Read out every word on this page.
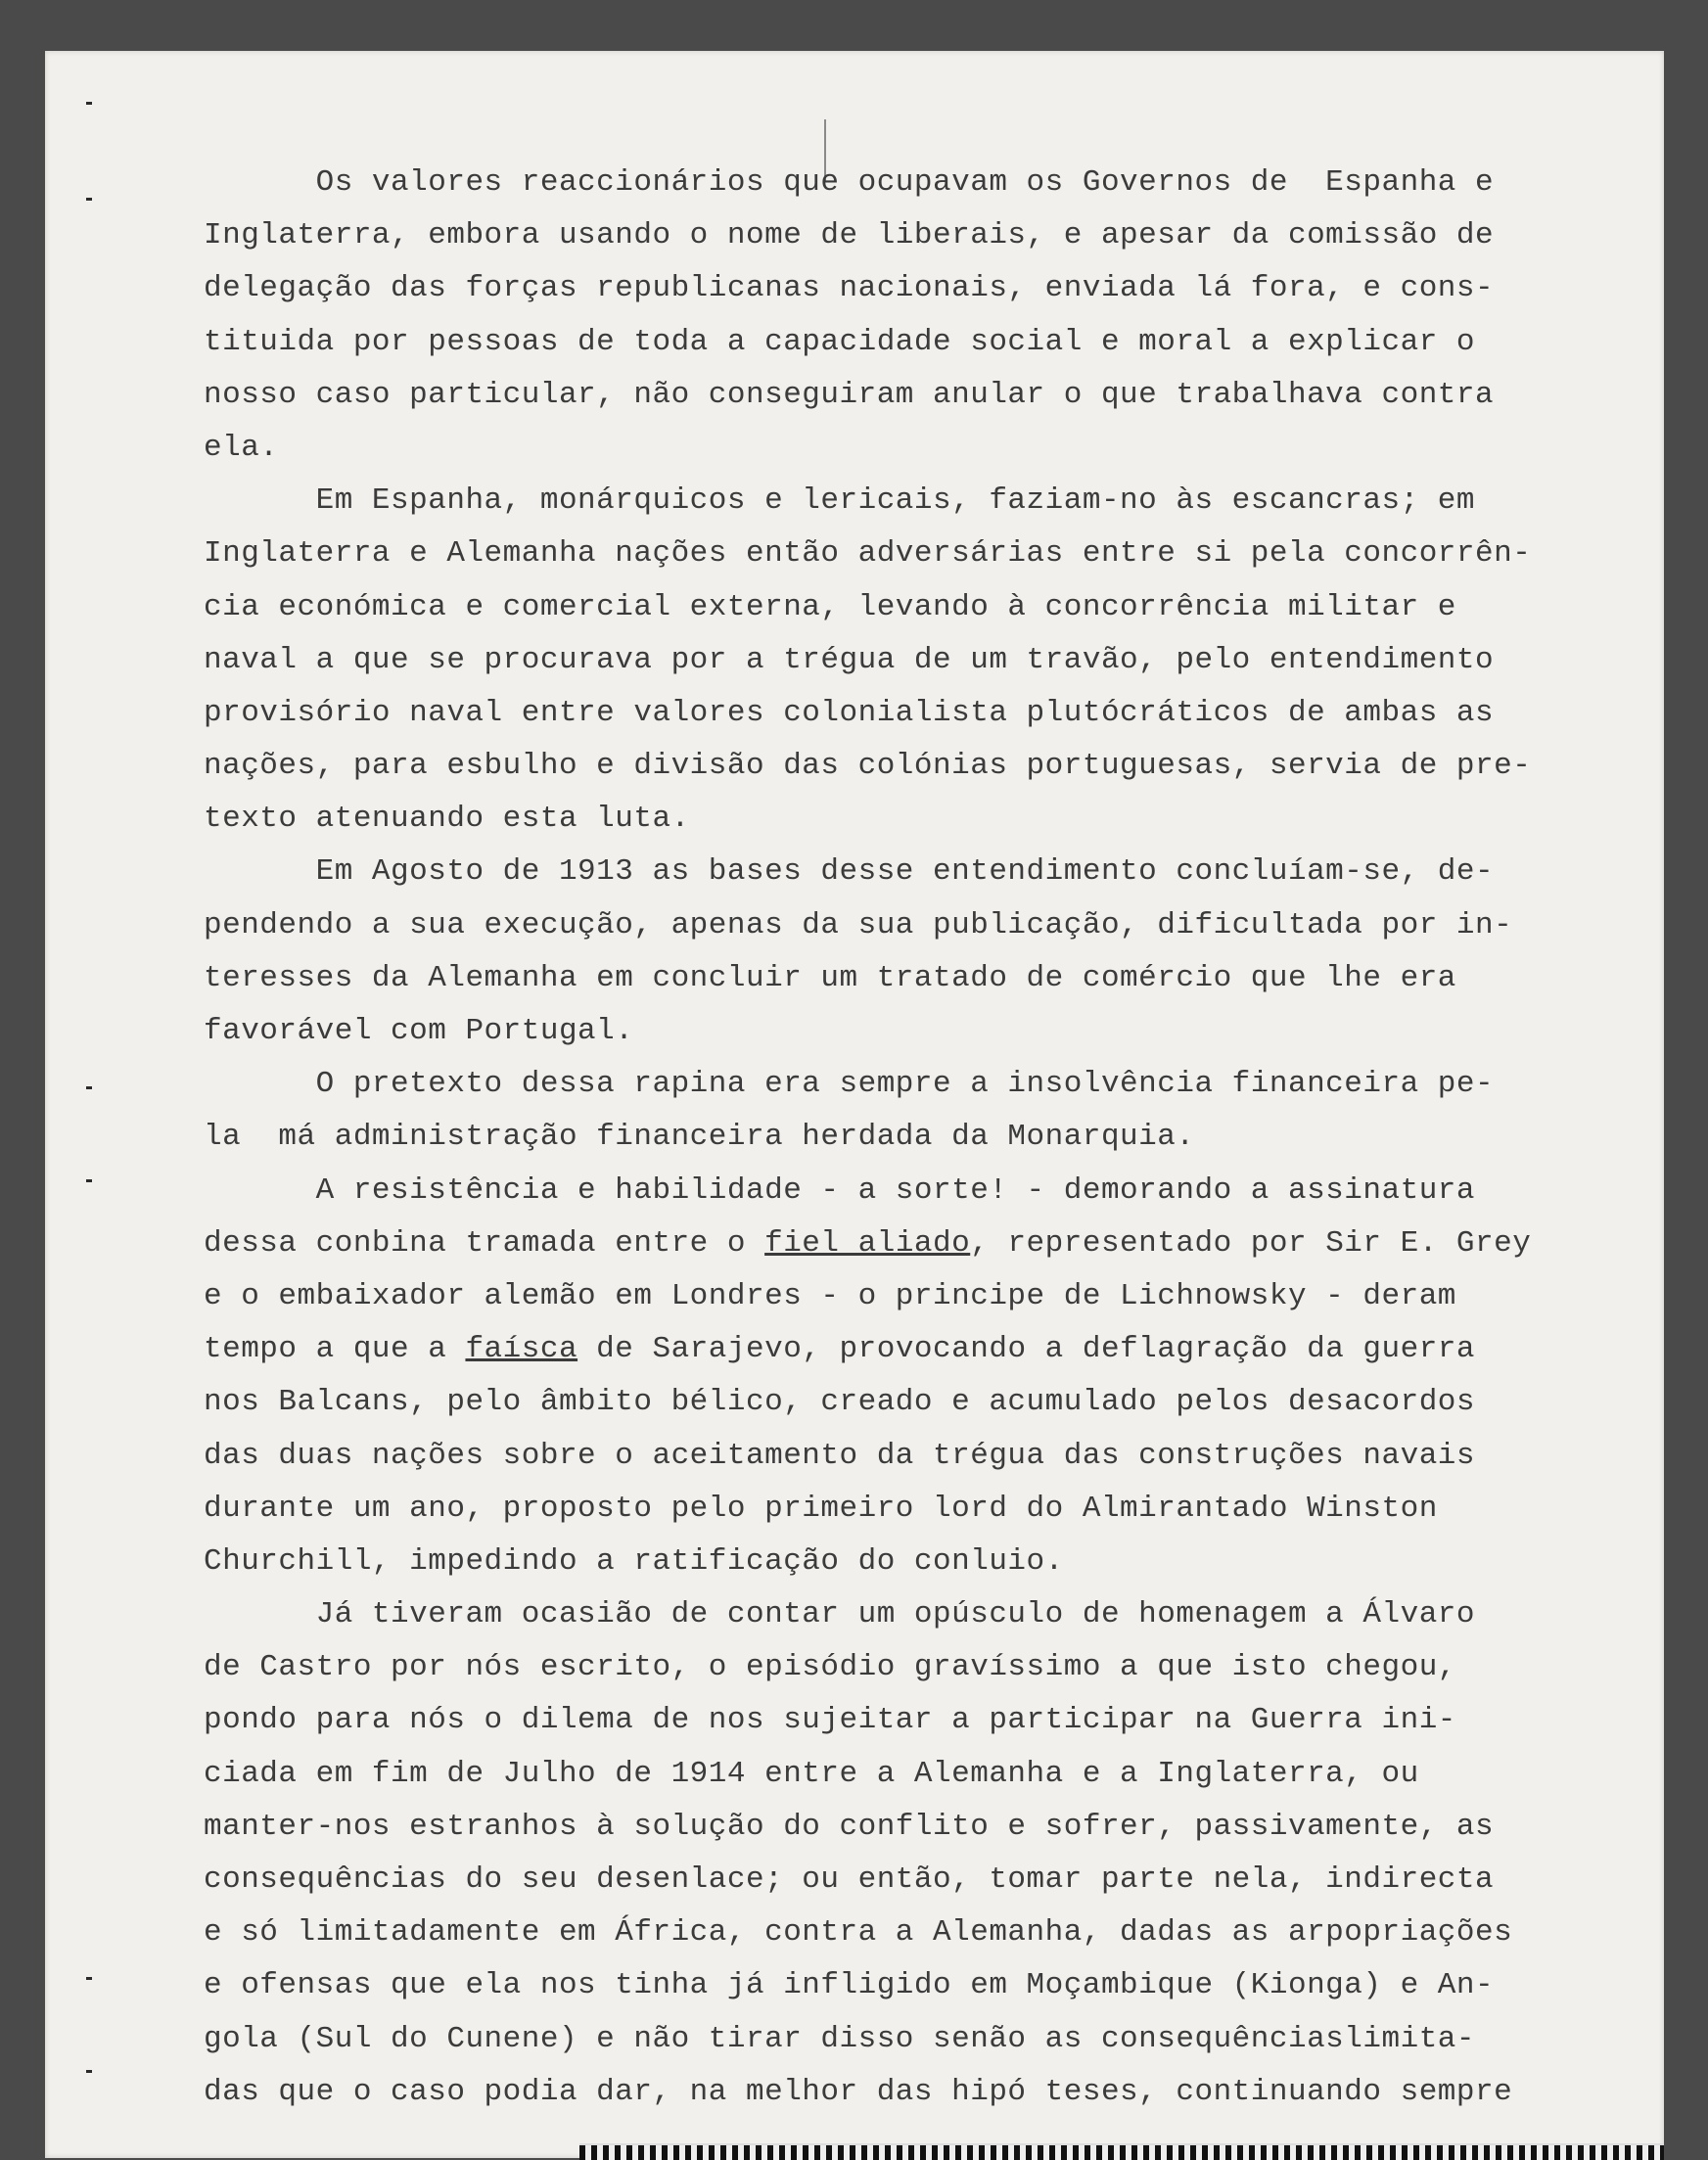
Os valores reaccionários que ocupavam os Governos de  Espanha e
Inglaterra, embora usando o nome de liberais, e apesar da comissão de
delegação das forças republicanas nacionais, enviada lá fora, e cons-
tituida por pessoas de toda a capacidade social e moral a explicar o
nosso caso particular, não conseguiram anular o que trabalhava contra
ela.
Em Espanha, monárquicos e lericais, faziam-no às escancras; em
Inglaterra e Alemanha nações então adversárias entre si pela concorrên-
cia económica e comercial externa, levando à concorrência militar e
naval a que se procurava por a trégua de um travão, pelo entendimento
provisório naval entre valores colonialista plutócráticos de ambas as
nações, para esbulho e divisão das colónias portuguesas, servia de pre-
texto atenuando esta luta.
Em Agosto de 1913 as bases desse entendimento concluíam-se, de-
pendendo a sua execução, apenas da sua publicação, dificultada por in-
teresses da Alemanha em concluir um tratado de comércio que lhe era
favorável com Portugal.
O pretexto dessa rapina era sempre a insolvência financeira pe-
la  má administração financeira herdada da Monarquia.
A resistência e habilidade - a sorte! - demorando a assinatura
dessa conbina tramada entre o fiel aliado, representado por Sir E. Grey
e o embaixador alemão em Londres - o principe de Lichnowsky - deram
tempo a que a faísca de Sarajevo, provocando a deflagração da guerra
nos Balcans, pelo âmbito bélico, creado e acumulado pelos desacordos
das duas nações sobre o aceitamento da trégua das construções navais
durante um ano, proposto pelo primeiro lord do Almirantado Winston
Churchill, impedindo a ratificação do conluio.
Já tiveram ocasião de contar um opúsculo de homenagem a Álvaro
de Castro por nós escrito, o episódio gravíssimo a que isto chegou,
pondo para nós o dilema de nos sujeitar a participar na Guerra ini-
ciada em fim de Julho de 1914 entre a Alemanha e a Inglaterra, ou
manter-nos estranhos à solução do conflito e sofrer, passivamente, as
consequências do seu desenlace; ou então, tomar parte nela, indirecta
e só limitadamente em África, contra a Alemanha, dadas as arpopriações
e ofensas que ela nos tinha já infligido em Moçambique (Kionga) e An-
gola (Sul do Cunene) e não tirar disso senão as consequênciaslimita-
das que o caso podia dar, na melhor das hipó teses, continuando sempre
